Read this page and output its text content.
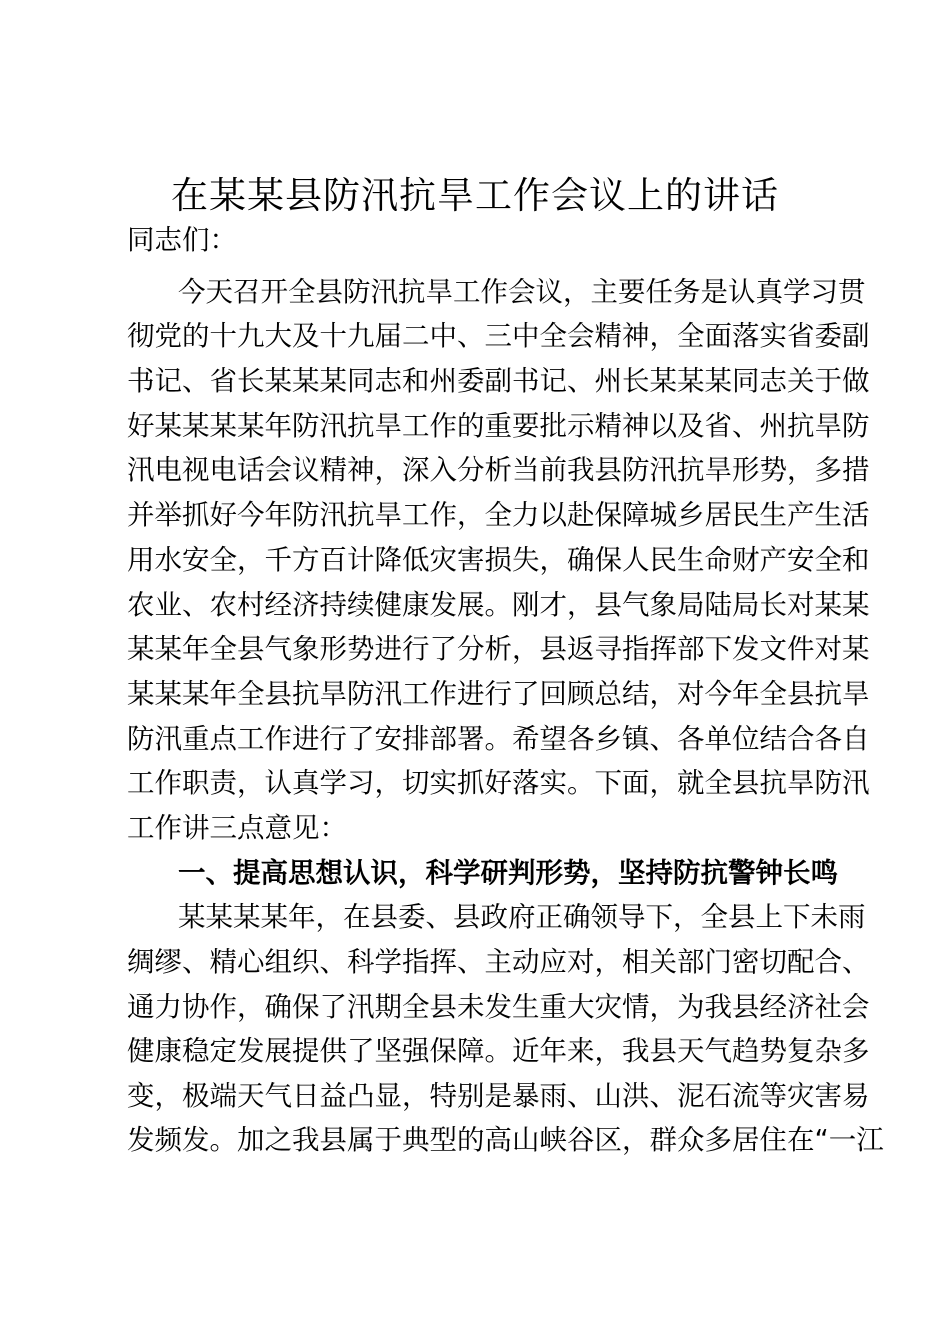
在某某县防汛抗旱工作会议上的讲话

同志们：

今天召开全县防汛抗旱工作会议，主要任务是认真学习贯

彻党的十九大及十九届二中、三中全会精神，全面落实省委副

书记、省长某某某同志和州委副书记、州长某某某同志关于做

好某某某某年防汛抗旱工作的重要批示精神以及省、州抗旱防

汛电视电话会议精神，深入分析当前我县防汛抗旱形势，多措

并举抓好今年防汛抗旱工作，全力以赴保障城乡居民生产生活

用水安全，千方百计降低灾害损失，确保人民生命财产安全和

农业、农村经济持续健康发展。刚才，县气象局陆局长对某某

某某年全县气象形势进行了分析，县返寻指挥部下发文件对某

某某某年全县抗旱防汛工作进行了回顾总结，对今年全县抗旱

防汛重点工作进行了安排部署。希望各乡镇、各单位结合各自

工作职责，认真学习，切实抓好落实。下面，就全县抗旱防汛

工作讲三点意见：

一、提高思想认识，科学研判形势，坚持防抗警钟长鸣

某某某某年，在县委、县政府正确领导下，全县上下未雨

绸缪、精心组织、科学指挥、主动应对，相关部门密切配合、

通力协作，确保了汛期全县未发生重大灾情，为我县经济社会

健康稳定发展提供了坚强保障。近年来，我县天气趋势复杂多

变，极端天气日益凸显，特别是暴雨、山洪、泥石流等灾害易

发频发。加之我县属于典型的高山峡谷区，群众多居住在“一江
